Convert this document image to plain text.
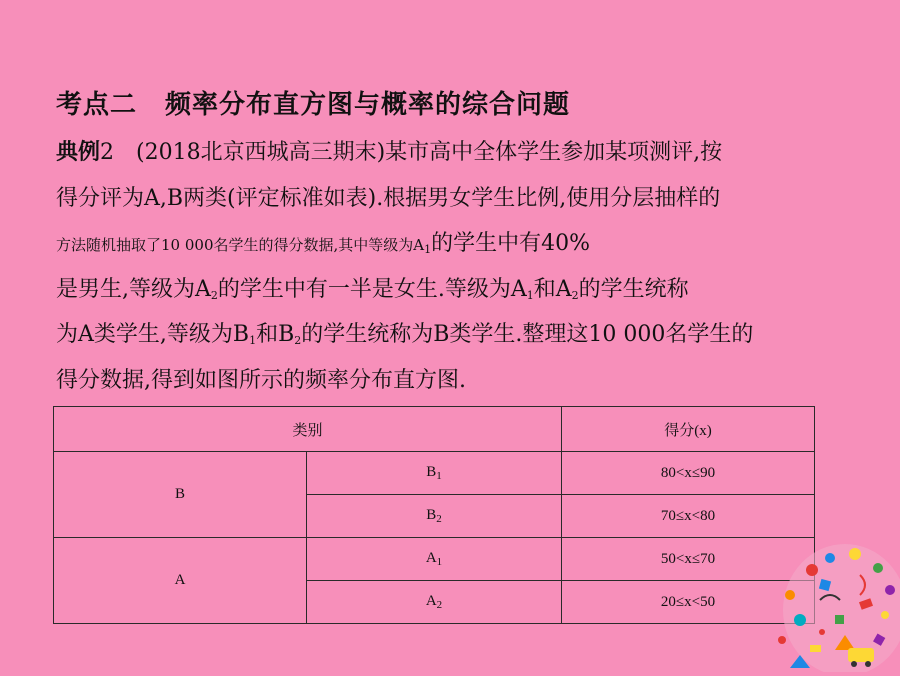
考点二 频率分布直方图与概率的综合问题
典例2 (2018北京西城高三期末)某市高中全体学生参加某项测评,按
得分评为A,B两类(评定标准如表).根据男女学生比例,使用分层抽样的
方法随机抽取了10 000名学生的得分数据,其中等级为$A_1$的学生中有40%
是男生,等级为$A_2$的学生中有一半是女生.等级为$A_1$和$A_2$的学生统称
为A类学生,等级为$B_1$和$B_2$的学生统称为B类学生.整理这10 000名学生的
得分数据,得到如图所示的频率分布直方图.
类别		得分(x)
B	$B_1$	80<x≤90
	$B_2$	70≤x<80
A	$A_1$	50<x≤70
	$A_2$	20≤x<50
